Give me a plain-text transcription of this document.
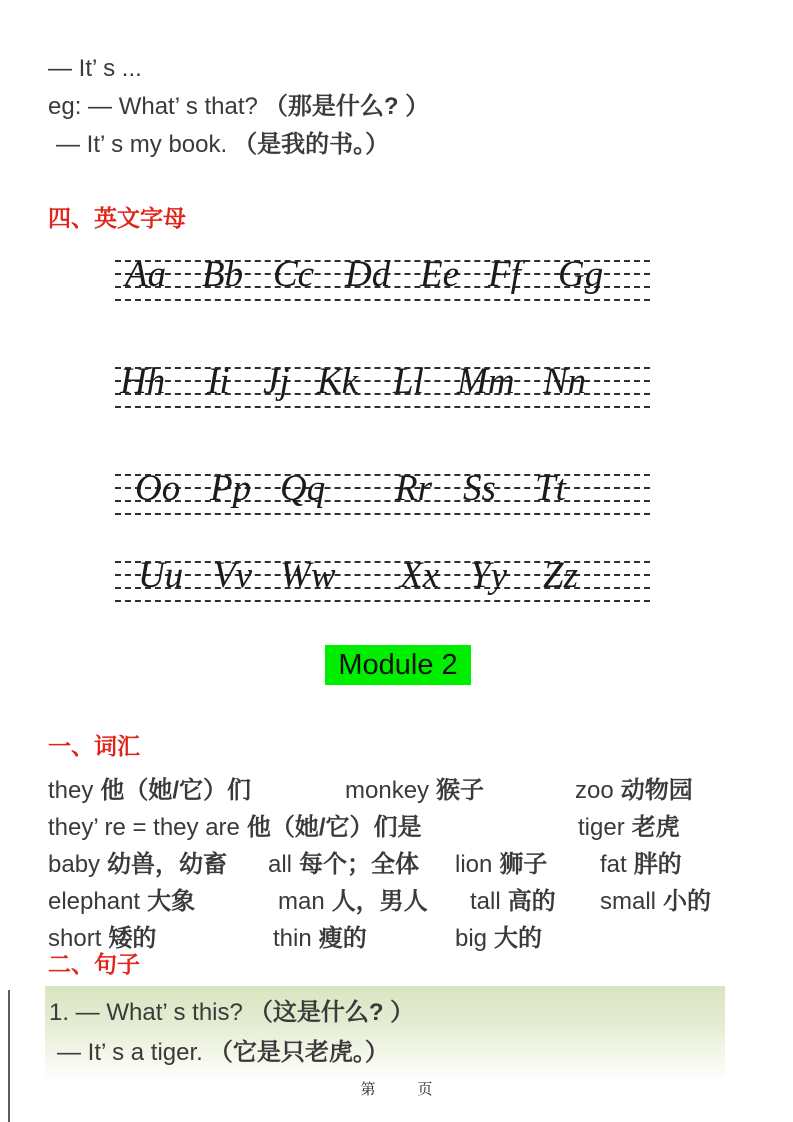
— It’ s ...
eg: — What’ s that? （那是什么? ）
— It’ s my book. （是我的书。）
四、英文字母
Aa Bb Cc Dd Ee Ff Gg
Hh Ii Jj Kk Ll Mm Nn
Oo Pp Qq Rr Ss Tt
Uu Vv Ww Xx Yy Zz
Module 2
一、词汇
they 他（她/它）们	monkey 猴子	zoo 动物园
they’ re = they are 他（她/它）们是	tiger 老虎
baby 幼兽，幼畜 all 每个；全体 lion 狮子 fat 胖的
elephant 大象	man 人，男人 tall 高的 small 小的
short 矮的	thin 瘦的	big 大的
二、句子
1. — What’ s this? （这是什么? ）
— It’ s a tiger. （它是只老虎。）
第	页
